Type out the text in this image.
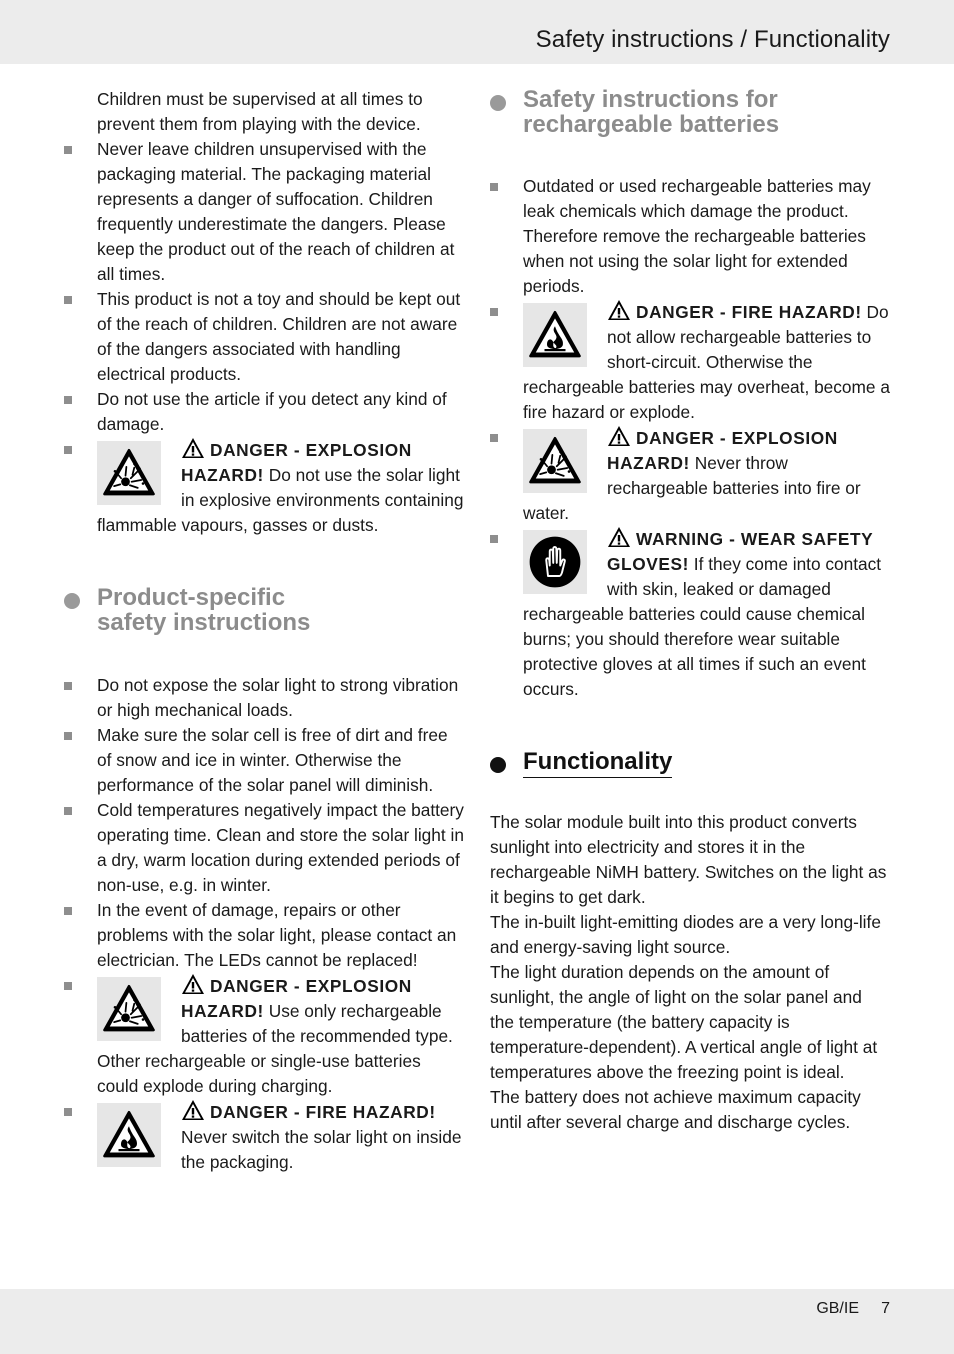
Safety instructions / Functionality

Children must be supervised at all times to prevent them from playing with the device.

Never leave children unsupervised with the packaging material. The packaging material represents a danger of suffocation. Children frequently underestimate the dangers. Please keep the product out of the reach of children at all times.

This product is not a toy and should be kept out of the reach of children. Children are not aware of the dangers associated with handling electrical products.

Do not use the article if you detect any kind of damage.

DANGER - EXPLOSION HAZARD! Do not use the solar light in explosive environments containing flammable vapours, gasses or dusts.

Product-specific
safety instructions

Do not expose the solar light to strong vibration or high mechanical loads.

Make sure the solar cell is free of dirt and free of snow and ice in winter. Otherwise the performance of the solar panel will diminish.

Cold temperatures negatively impact the battery operating time. Clean and store the solar light in a dry, warm location during extended periods of non-use, e.g. in winter.

In the event of damage, repairs or other problems with the solar light, please contact an electrician. The LEDs cannot be replaced!

DANGER - EXPLOSION HAZARD! Use only rechargeable batteries of the recommended type. Other rechargeable or single-use batteries could explode during charging.

DANGER - FIRE HAZARD! Never switch the solar light on inside the packaging.

Safety instructions for
rechargeable batteries

Outdated or used rechargeable batteries may leak chemicals which damage the product. Therefore remove the rechargeable batteries when not using the solar light for extended periods.

DANGER - FIRE HAZARD! Do not allow rechargeable batteries to short-circuit. Otherwise the rechargeable batteries may overheat, become a fire hazard or explode.

DANGER - EXPLOSION HAZARD! Never throw rechargeable batteries into fire or water.

WARNING - WEAR SAFETY GLOVES! If they come into contact with skin, leaked or damaged rechargeable batteries could cause chemical burns; you should therefore wear suitable protective gloves at all times if such an event occurs.

Functionality

The solar module built into this product converts sunlight into electricity and stores it in the rechargeable NiMH battery. Switches on the light as it begins to get dark.

The in-built light-emitting diodes are a very long-life and energy-saving light source.

The light duration depends on the amount of sunlight, the angle of light on the solar panel and the temperature (the battery capacity is temperature-dependent). A vertical angle of light at temperatures above the freezing point is ideal.

The battery does not achieve maximum capacity until after several charge and discharge cycles.

GB/IE 7
